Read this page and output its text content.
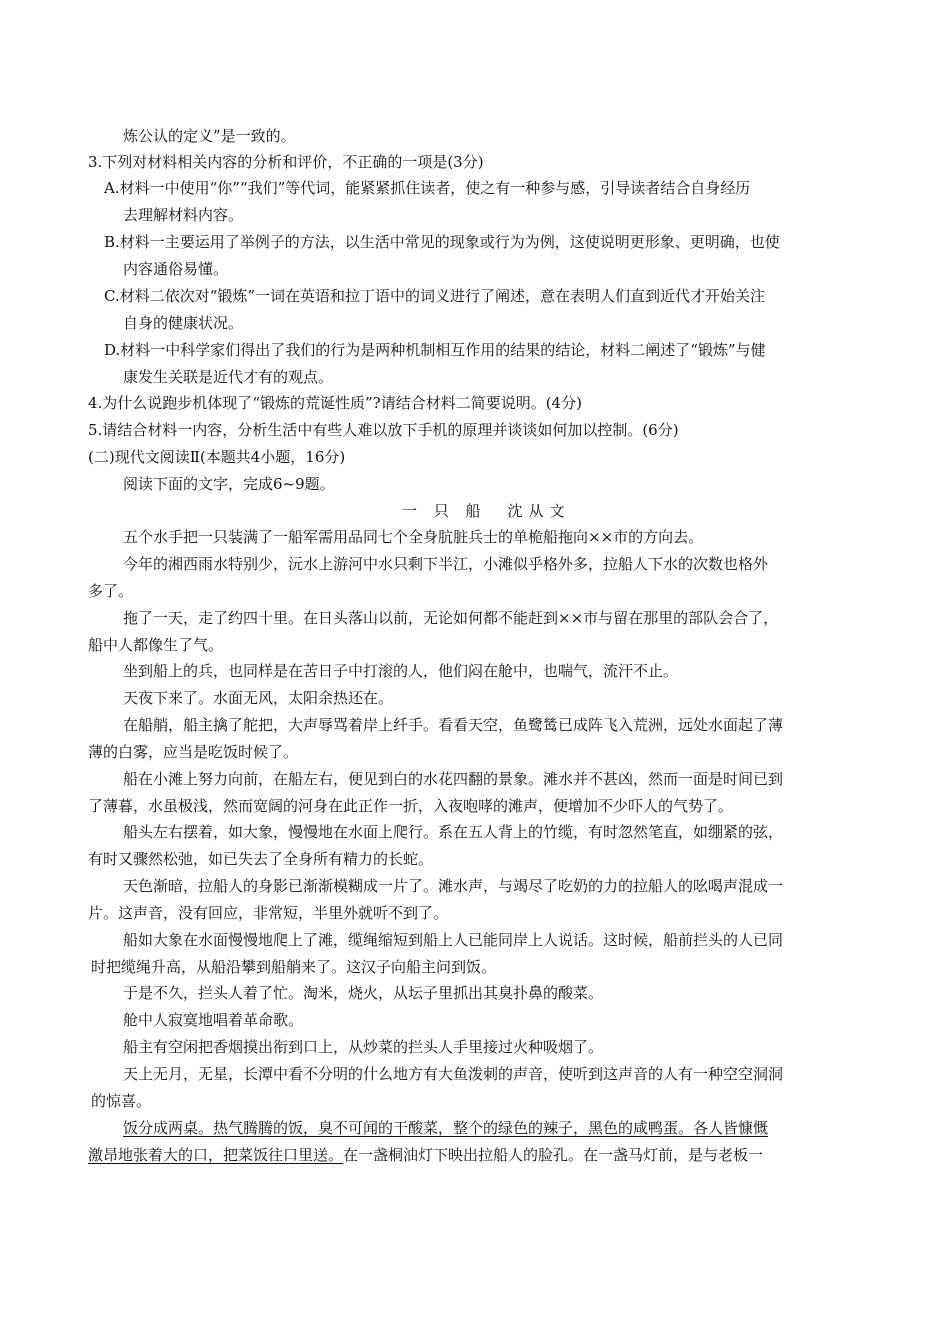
炼公认的定义”是一致的。
3.下列对材料相关内容的分析和评价，不正确的一项是(3分)
A.材料一中使用“你”“我们”等代词，能紧紧抓住读者，使之有一种参与感，引导读者结合自身经历
去理解材料内容。
B.材料一主要运用了举例子的方法，以生活中常见的现象或行为为例，这使说明更形象、更明确，也使
内容通俗易懂。
C.材料二依次对“锻炼”一词在英语和拉丁语中的词义进行了阐述，意在表明人们直到近代才开始关注
自身的健康状况。
D.材料一中科学家们得出了我们的行为是两种机制相互作用的结果的结论，材料二阐述了“锻炼”与健
康发生关联是近代才有的观点。
4.为什么说跑步机体现了“锻炼的荒诞性质”?请结合材料二简要说明。(4分)
5.请结合材料一内容，分析生活中有些人难以放下手机的原理并谈谈如何加以控制。(6分)
(二)现代文阅读Ⅱ(本题共4小题，16分)
阅读下面的文字，完成6~9题。
一 只 船　沈从文
五个水手把一只装满了一船军需用品同七个全身肮脏兵士的单桅船拖向××市的方向去。
今年的湘西雨水特别少，沅水上游河中水只剩下半江，小滩似乎格外多，拉船人下水的次数也格外
多了。
拖了一天，走了约四十里。在日头落山以前，无论如何都不能赶到××市与留在那里的部队会合了，
船中人都像生了气。
坐到船上的兵，也同样是在苦日子中打滚的人，他们闷在舱中，也喘气，流汗不止。
天夜下来了。水面无风，太阳余热还在。
在船艄，船主擒了舵把，大声辱骂着岸上纤手。看看天空，鱼鹭鸶已成阵飞入荒洲，远处水面起了薄
薄的白雾，应当是吃饭时候了。
船在小滩上努力向前，在船左右，便见到白的水花四翻的景象。滩水并不甚凶，然而一面是时间已到
了薄暮，水虽极浅，然而宽阔的河身在此正作一折，入夜咆哮的滩声，便增加不少吓人的气势了。
船头左右摆着，如大象，慢慢地在水面上爬行。系在五人背上的竹缆，有时忽然笔直，如绷紧的弦，
有时又骤然松弛，如已失去了全身所有精力的长蛇。
天色渐暗，拉船人的身影已渐渐模糊成一片了。滩水声，与竭尽了吃奶的力的拉船人的吆喝声混成一
片。这声音，没有回应，非常短，半里外就听不到了。
船如大象在水面慢慢地爬上了滩，缆绳缩短到船上人已能同岸上人说话。这时候，船前拦头的人已同
时把缆绳升高，从船沿攀到船艄来了。这汉子向船主问到饭。
于是不久，拦头人着了忙。淘米，烧火，从坛子里抓出其臭扑鼻的酸菜。
舱中人寂寞地唱着革命歌。
船主有空闲把香烟摸出衔到口上，从炒菜的拦头人手里接过火种吸烟了。
天上无月，无星，长潭中看不分明的什么地方有大鱼泼刺的声音，使听到这声音的人有一种空空洞洞
的惊喜。
饭分成两桌。热气腾腾的饭，臭不可闻的干酸菜，整个的绿色的辣子，黑色的咸鸭蛋。各人皆慷慨
激昂地张着大的口，把菜饭往口里送。在一盏桐油灯下映出拉船人的脸孔。在一盏马灯前，是与老板一
